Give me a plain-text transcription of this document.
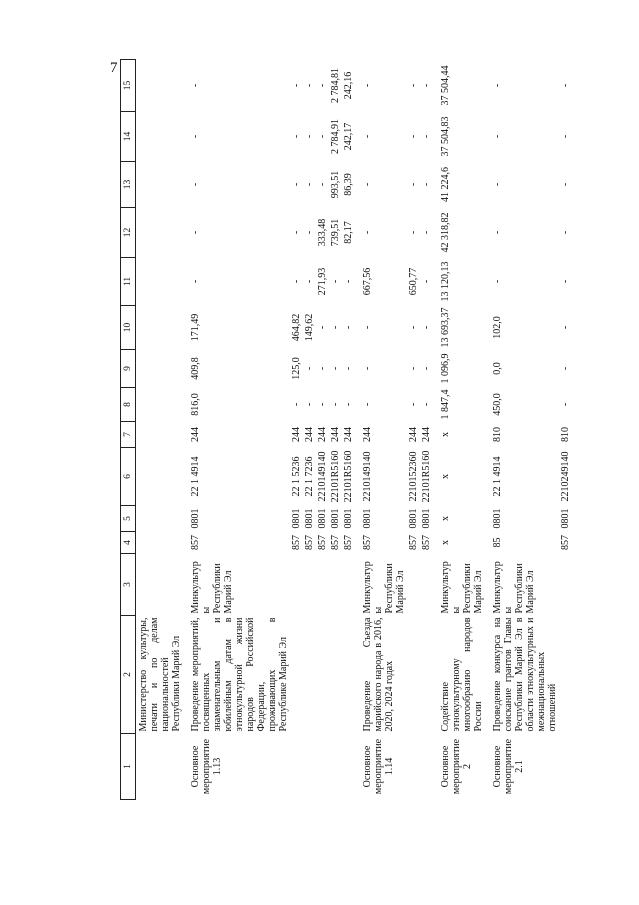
7
1	2	3	4	5	6	7	8	9	10	11	12	13	14	15
	Министерство культуры, печати и по делам национальностей Республики Марий Эл													
Основное мероприятие 1.13	Проведение мероприятий, посвященных знаменательным и юбилейным датам в этнокультурной жизни народов Российской Федерации, проживающих в Республике Марий Эл	Минкультуры Республики Марий Эл	857	0801	22 1 4914	244	816,0	409,8	171,49	-	-	-	-	-
			857	0801	22 1 5236	244	-	125,0	464,82	-	-	-	-	-
			857	0801	22 1 7236	244	-	-	149,62	-	-	-	-	-
			857	0801	2210149140	244	-	-	-	271,93	333,48	-	-	-
			857	0801	22101R5160	244	-	-	-	-	739,51	993,51	2 784,91	2 784,81
			857	0801	22101R5160	244	-	-	-	-	82,17	86,39	242,17	242,16
Основное мероприятие 1.14	Проведение Съезда марийского народа в 2016, 2020, 2024 годах	Минкультуры Республики Марий Эл	857	0801	2210149140	244	-	-	-	667,56	-	-	-	-
			857	0801	2210152360	244	-	-	-	650,77	-	-	-	-
			857	0801	22101R5160	244	-	-	-	-	-	-	-	-
Основное мероприятие 2	Содействие этнокультурному многообразию народов России	Минкультуры Республики Марий Эл	х	х	х	х	1 847,4	1 096,9	13 693,37	13 120,13	42 318,82	41 224,6	37 504,83	37 504,44
Основное мероприятие 2.1	Проведение конкурса на соискание грантов Главы Республики Марий Эл в области этнокультурных и межнациональных отношений	Минкультуры Республики Марий Эл	85	0801	22 1 4914	810	450,0	0,0	102,0	-	-	-	-	-
			857	0801	2210249140	810	-	-	-	-	-	-	-	-
